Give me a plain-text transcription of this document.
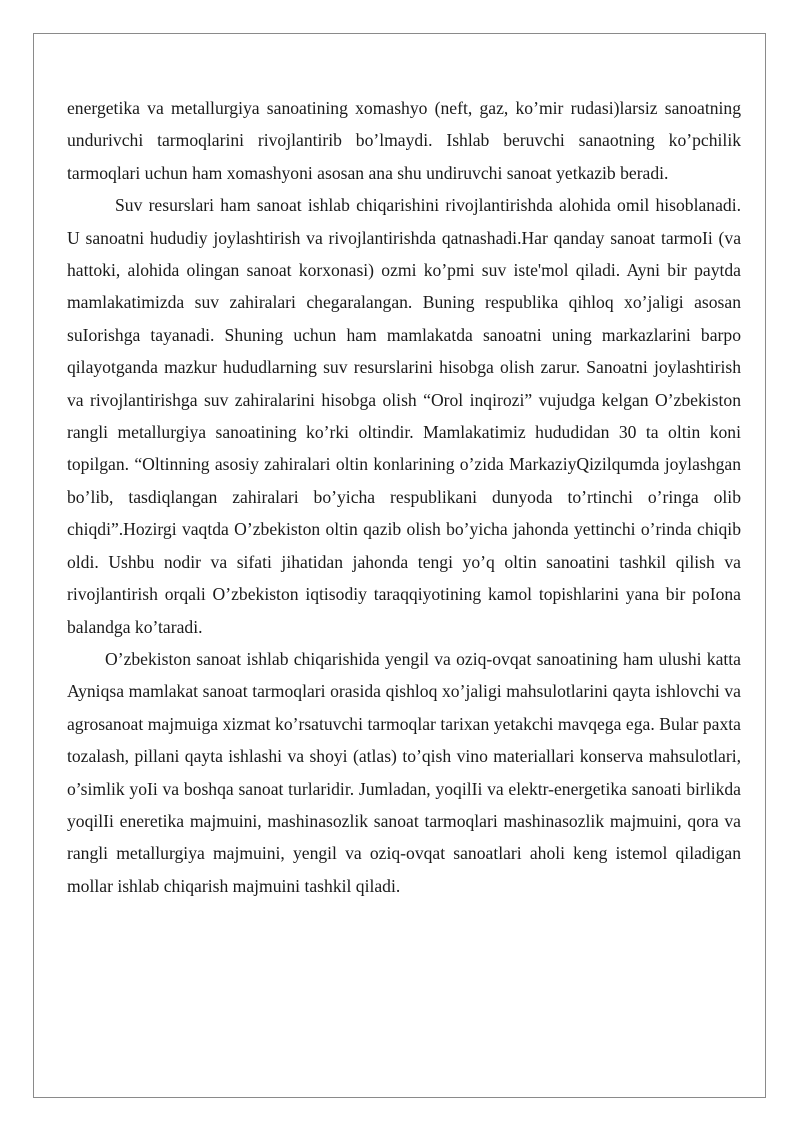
energetika va metallurgiya sanoatining xomashyo (neft, gaz, ko’mir rudasi)larsiz sanoatning undurivchi tarmoqlarini rivojlantirib bo’lmaydi. Ishlab beruvchi sanaotning ko’pchilik tarmoqlari uchun ham xomashyoni asosan ana shu undiruvchi sanoat yetkazib beradi.

Suv resurslari ham sanoat ishlab chiqarishini rivojlantirishda alohida omil hisoblanadi. U sanoatni hududiy joylashtirish va rivojlantirishda qatnashadi.Har qanday sanoat tarmoIi (va hattoki, alohida olingan sanoat korxonasi) ozmi ko’pmi suv iste'mol qiladi. Ayni bir paytda mamlakatimizda suv zahiralari chegaralangan. Buning respublika qihloq xo’jaligi asosan suIorishga tayanadi. Shuning uchun ham mamlakatda sanoatni uning markazlarini barpo qilayotganda mazkur hududlarning suv resurslarini hisobga olish zarur. Sanoatni joylashtirish va rivojlantirishga suv zahiralarini hisobga olish “Orol inqirozi” vujudga kelgan O’zbekiston rangli metallurgiya sanoatining ko’rki oltindir. Mamlakatimiz hududidan 30 ta oltin koni topilgan. “Oltinning asosiy zahiralari oltin konlarining o’zida MarkaziyQizilqumda joylashgan bo’lib, tasdiqlangan zahiralari bo’yicha respublikani dunyoda to’rtinchi o’ringa olib chiqdi”.Hozirgi vaqtda O’zbekiston oltin qazib olish bo’yicha jahonda yettinchi o’rinda chiqib oldi. Ushbu nodir va sifati jihatidan jahonda tengi yo’q oltin sanoatini tashkil qilish va rivojlantirish orqali O’zbekiston iqtisodiy taraqqiyotining kamol topishlarini yana bir poIona balandga ko’taradi.

O’zbekiston sanoat ishlab chiqarishida yengil va oziq-ovqat sanoatining ham ulushi katta Ayniqsa mamlakat sanoat tarmoqlari orasida qishloq xo’jaligi mahsulotlarini qayta ishlovchi va agrosanoat majmuiga xizmat ko’rsatuvchi tarmoqlar tarixan yetakchi mavqega ega. Bular paxta tozalash, pillani qayta ishlashi va shoyi (atlas) to’qish vino materiallari konserva mahsulotlari, o’simlik yoIi va boshqa sanoat turlaridir. Jumladan, yoqilIi va elektr-energetika sanoati birlikda yoqilIi eneretika majmuini, mashinasozlik sanoat tarmoqlari mashinasozlik majmuini, qora va rangli metallurgiya majmuini, yengil va oziq-ovqat sanoatlari aholi keng istemol qiladigan mollar ishlab chiqarish majmuini tashkil qiladi.
